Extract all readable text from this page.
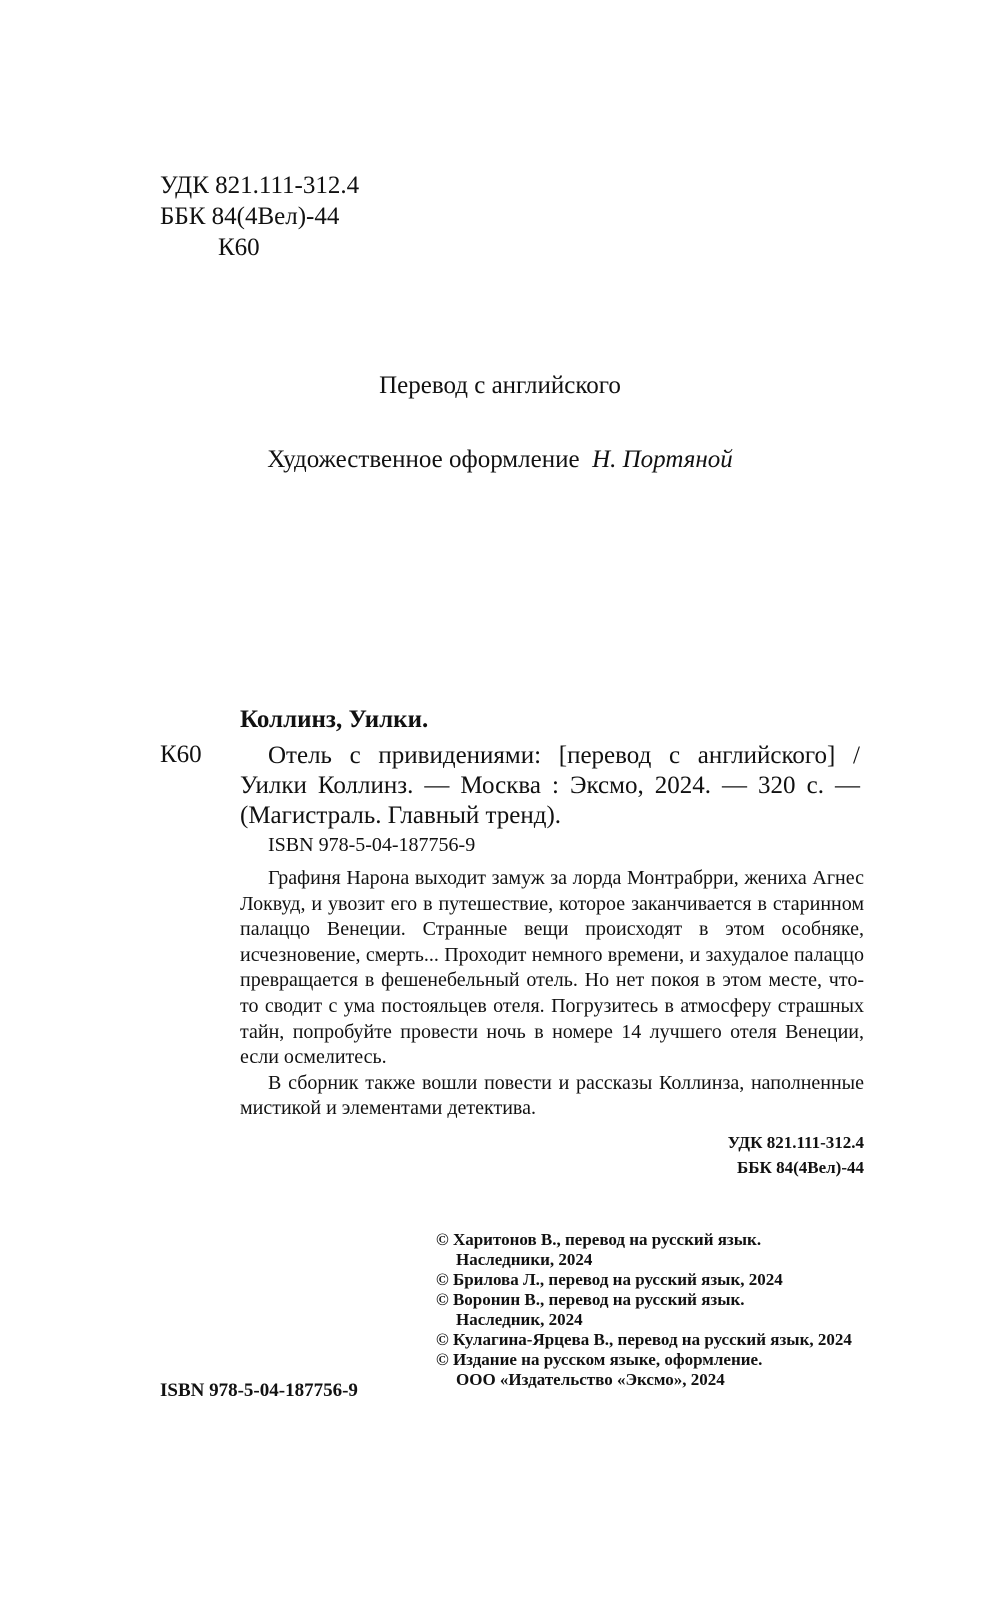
УДК 821.111-312.4
ББК 84(4Вел)-44
К60
Перевод с английского
Художественное оформление Н. Портяной
Коллинз, Уилки.
К60	Отель с привидениями: [перевод с английского] / Уилки Коллинз. — Москва : Эксмо, 2024. — 320 с. — (Магистраль. Главный тренд).

ISBN 978-5-04-187756-9

Графиня Нарона выходит замуж за лорда Монтрабрри, жениха Агнес Локвуд, и увозит его в путешествие, которое заканчивается в старинном палаццо Венеции. Странные вещи происходят в этом особняке, исчезновение, смерть... Проходит немного времени, и захудалое палаццо превращается в фешенебельный отель. Но нет покоя в этом месте, что-то сводит с ума постояльцев отеля. Погрузитесь в атмосферу страшных тайн, попробуйте провести ночь в номере 14 лучшего отеля Венеции, если осмелитесь.

В сборник также вошли повести и рассказы Коллинза, наполненные мистикой и элементами детектива.

УДК 821.111-312.4
ББК 84(4Вел)-44
© Харитонов В., перевод на русский язык.
Наследники, 2024
© Брилова Л., перевод на русский язык, 2024
© Воронин В., перевод на русский язык.
Наследник, 2024
© Кулагина-Ярцева В., перевод на русский язык, 2024
© Издание на русском языке, оформление.
ООО «Издательство «Эксмо», 2024
ISBN 978-5-04-187756-9
